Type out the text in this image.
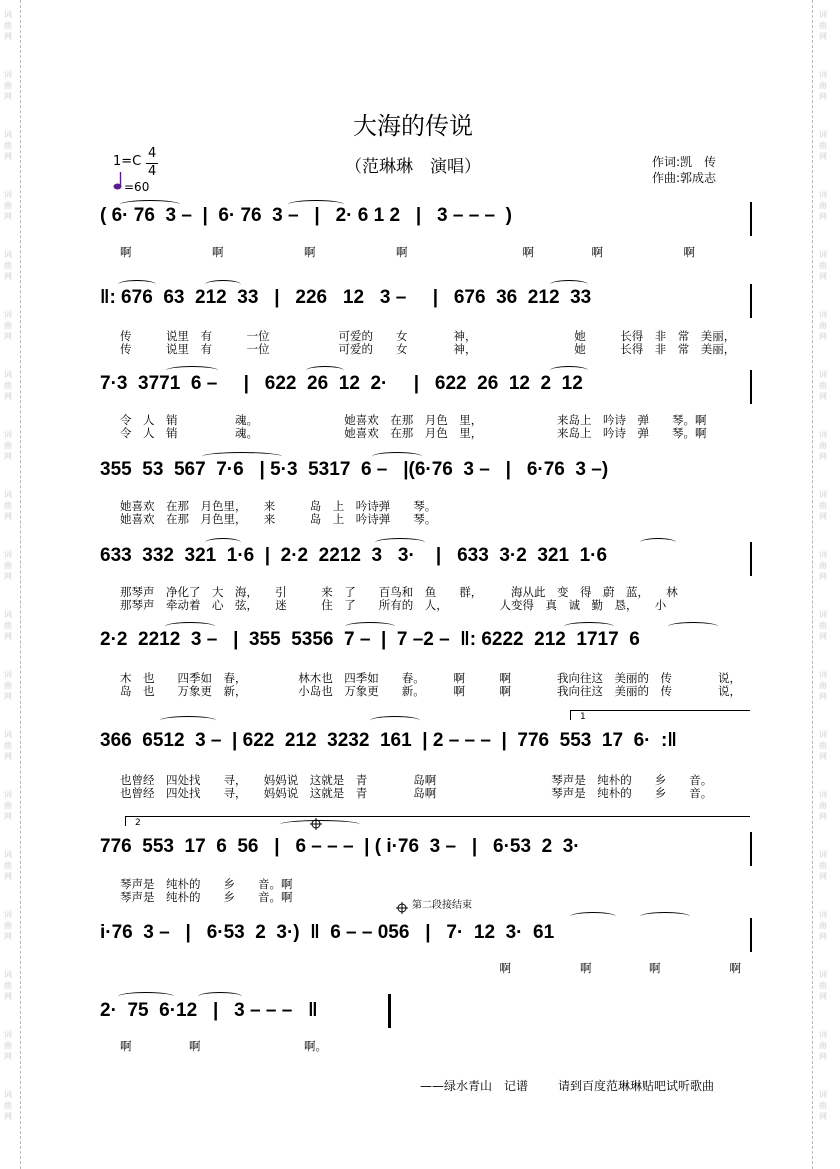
词
曲
网
词
曲
网
词
曲
网
词
曲
网
词
曲
网
词
曲
网
词
曲
网
词
曲
网
词
曲
网
词
曲
网
词
曲
网
词
曲
网
词
曲
网
词
曲
网
词
曲
网
词
曲
网
词
曲
网
词
曲
网
词
曲
网
词
曲
网
词
曲
网
词
曲
网
词
曲
网
词
曲
网
词
曲
网
词
曲
网
词
曲
网
词
曲
网
词
曲
网
词
曲
网
词
曲
网
词
曲
网
词
曲
网
词
曲
网
词
曲
网
词
曲
网
词
曲
网
词
曲
网
大海的传说
（范琳琳　演唱）
1=C
4
4
=60
作词:凯　传
作曲:郭成志
( 6· 76  3 –  |  6· 76  3 –   |   2· 6 1 2   |   3 – – –  )
啊　　　　　　　啊　　　　　　　啊　　　　　　　啊　　　　　　　　　　啊　　　　　啊　　　　　　　啊
‖: 676  63  212  33   |   226   12   3 –     |   676  36  212  33
传　　　说里　有　　　一位　　　　　　可爱的　　女　　　　神，　　　　　　　　　她　　　长得　非　常　美丽，
传　　　说里　有　　　一位　　　　　　可爱的　　女　　　　神，　　　　　　　　　她　　　长得　非　常　美丽，
7·3  3771  6 –     |   622  26  12  2·     |   622  26  12  2  12
令　人　销　　　　　魂。　　　　　　　　她喜欢　在那　月色　里，　　　　　　　来岛上　吟诗　弹　　琴。啊
令　人　销　　　　　魂。　　　　　　　　她喜欢　在那　月色　里，　　　　　　　来岛上　吟诗　弹　　琴。啊
355  53  567  7·6   | 5·3  5317  6 –   |(6·76  3 –   |   6·76  3 –)
她喜欢　在那　月色里，　　来　　　岛　上　吟诗弹　　琴。
她喜欢　在那　月色里，　　来　　　岛　上　吟诗弹　　琴。
633  332  321  1·6  |  2·2  2212  3   3·    |   633  3·2  321  1·6
那琴声　净化了　大　海，　　引　　　来　了　　百鸟和　鱼　　群，　　　海从此　变　得　蔚　蓝，　　林
那琴声　牵动着　心　弦，　　迷　　　住　了　　所有的　人，　　　　　人变得　真　诚　勤　恳，　　小
2·2  2212  3 –   |  355  5356  7 –  |  7 –2 –  ‖: 6222  212  1717  6
木　也　　四季如　春，　　　　　林木也　四季如　　春。　　　啊　　　啊　　　　我向往这　美丽的　传　　　　说，
岛　也　　万象更　新，　　　　　小岛也　万象更　　新。　　　啊　　　啊　　　　我向往这　美丽的　传　　　　说，
1
366  6512  3 –  | 622  212  3232  161  | 2 – – –  |  776  553  17  6·  :‖
也曾经　四处找　　寻，　　妈妈说　这就是　青　　　　岛啊　　　　　　　　　　琴声是　纯朴的　　乡　　音。
也曾经　四处找　　寻，　　妈妈说　这就是　青　　　　岛啊　　　　　　　　　　琴声是　纯朴的　　乡　　音。
2
776  553  17  6  56   |   6 – – –  | ( i·76  3 –   |   6·53  2  3·
琴声是　纯朴的　　乡　　音。啊
琴声是　纯朴的　　乡　　音。啊
第二段接结束
i·76  3 –   |   6·53  2  3·)  ‖  6 – – 056   |   7·  12  3·  61
　　　　　　　　　　　　　　　　　　　　　　　　　　　　　　　　　啊　　　　　　啊　　　　　啊　　　　　　啊
2·  75  6·12   |   3 – – –   ‖
啊　　　　　啊　　　　　　　　　啊。
——绿水青山　记谱 请到百度范琳琳贴吧试听歌曲
